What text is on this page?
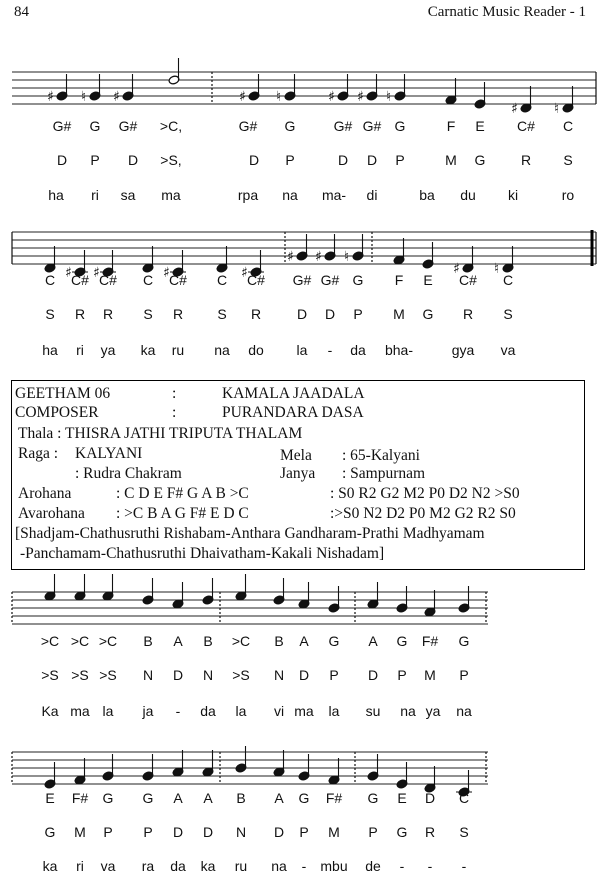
84	Carnatic Music Reader - 1
♯ ♮ ♯	♯ ♮	♯ ♯ ♮
♯	♮
G# G G# >C,	G# G	G# G# G	F E C# C
D P D >S,	D P	D D P	M G	R S
ha ri sa ma	rpa na ma- di	ba du ki	ro
♯ ♯	♯	♯
♯ ♯ ♮
♯ ♮
C C# C# C C# C C# G# G# G F E C# C
S R R S R S R	D D P M G R S
ha ri ya ka ru na do la - da bha-	gya va
GEETHAM 06	:	KAMALA JAADALA
COMPOSER	:	PURANDARA DASA
Thala : THISRA JATHI TRIPUTA THALAM
Raga : KALYANI	Mela : 65-Kalyani
: Rudra Chakram	Janya : Sampurnam
Arohana	: C D E F# G A B >C	: S0 R2 G2 M2 P0 D2 N2 >S0
Avarohana : >C B A G F# E D C	:>S0 N2 D2 P0 M2 G2 R2 S0
[Shadjam-Chathusruthi Rishabam-Anthara Gandharam-Prathi Madhyamam
-Panchamam-Chathusruthi Dhaivatham-Kakali Nishadam]
>C >C >C B A B >C B A G A G F# G
>S >S >S N D N >S N D P D P M P
Ka ma la ja - da la vi ma la su na ya na
E F# G G A A B A G F# G E D C
G M P P D D N D P M P G R S
ka ri va ra da ka ru na - mbu de - - -
